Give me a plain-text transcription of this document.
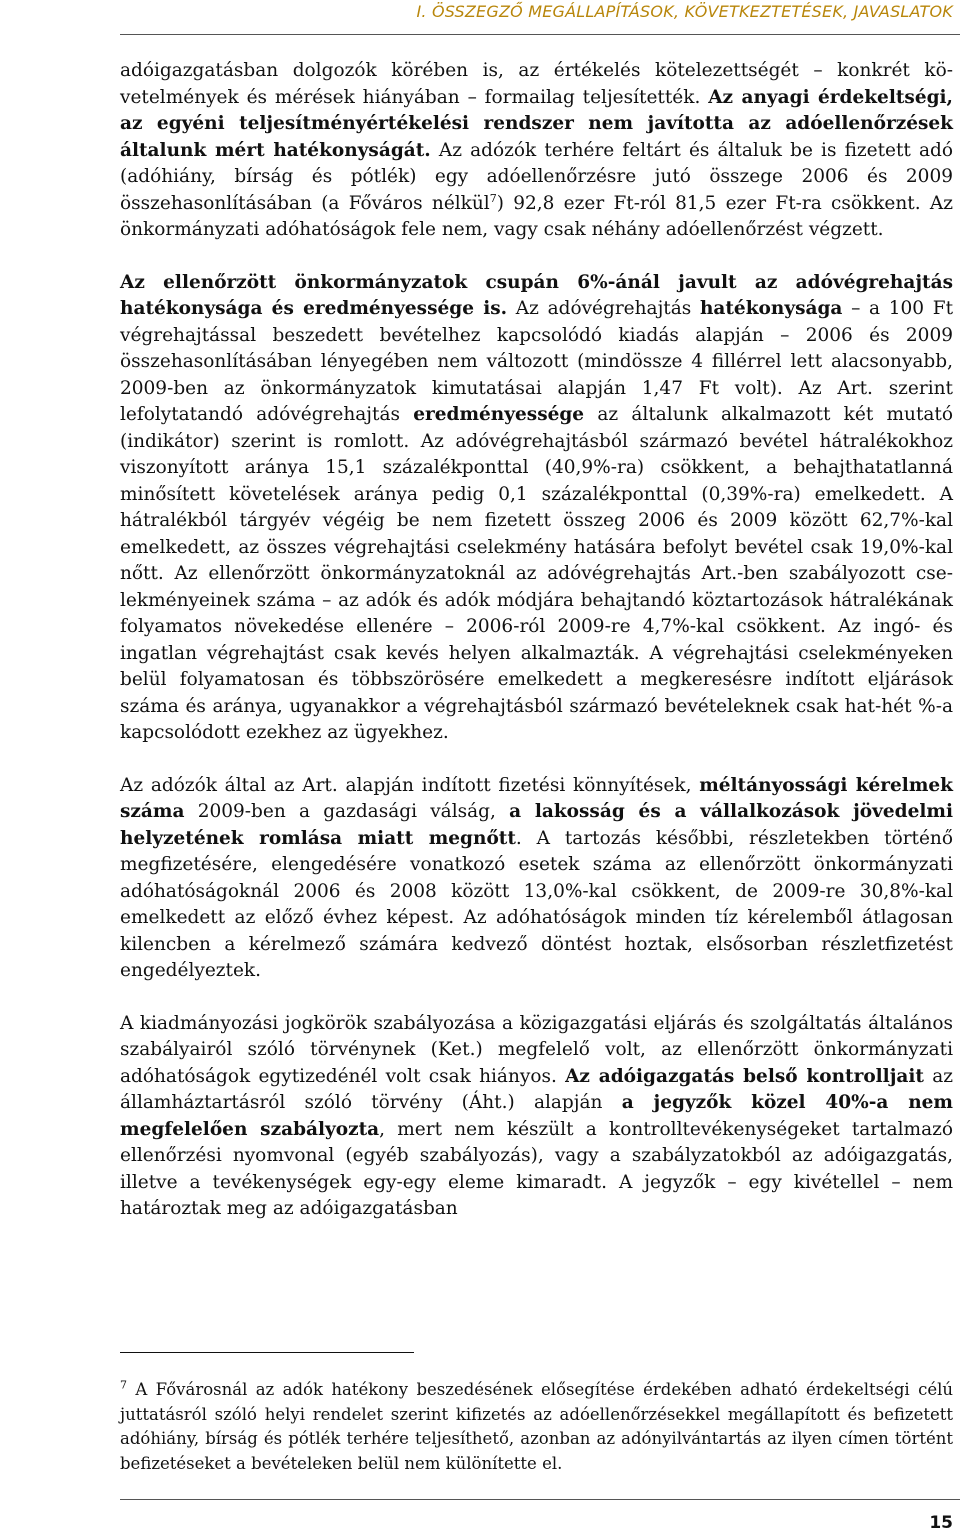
I. ÖSSZEGZŐ MEGÁLLAPÍTÁSOK, KÖVETKEZTETÉSEK, JAVASLATOK

adóigazgatásban dolgozók körében is, az értékelés kötelezettségét – konkrét követelmények és mérések hiányában – formailag teljesítették. Az anyagi érdekeltségi, az egyéni teljesítményértékelési rendszer nem javította az adóellenőrzések általunk mért hatékonyságát. Az adózók terhére feltárt és általuk be is fizetett adó (adóhiány, bírság és pótlék) egy adóellenőrzésre jutó összege 2006 és 2009 összehasonlításában (a Főváros nélkül$^7$) 92,8 ezer Ft-ról 81,5 ezer Ft-ra csökkent. Az önkormányzati adóhatóságok fele nem, vagy csak néhány adóellenőrzést végzett.

Az ellenőrzött önkormányzatok csupán 6%-ánál javult az adóvégrehajtás hatékonysága és eredményessége is. Az adóvégrehajtás hatékonysága – a 100 Ft végrehajtással beszedett bevételhez kapcsolódó kiadás alapján – 2006 és 2009 összehasonlításában lényegében nem változott (mindössze 4 fillérrel lett alacsonyabb, 2009-ben az önkormányzatok kimutatásai alapján 1,47 Ft volt). Az Art. szerint lefolytatandó adóvégrehajtás eredményessége az általunk alkalmazott két mutató (indikátor) szerint is romlott. Az adóvégrehajtásból származó bevétel hátralékokhoz viszonyított aránya 15,1 százalékponttal (40,9%-ra) csökkent, a behajthatatlanná minősített követelések aránya pedig 0,1 százalékponttal (0,39%-ra) emelkedett. A hátralékból tárgyév végéig be nem fizetett összeg 2006 és 2009 között 62,7%-kal emelkedett, az összes végrehajtási cselekmény hatására befolyt bevétel csak 19,0%-kal nőtt. Az ellenőrzött önkormányzatoknál az adóvégrehajtás Art.-ben szabályozott cselekményeinek száma – az adók és adók módjára behajtandó köztartozások hátralékának folyamatos növekedése ellenére – 2006-ról 2009-re 4,7%-kal csökkent. Az ingó- és ingatlan végrehajtást csak kevés helyen alkalmazták. A végrehajtási cselekményeken belül folyamatosan és többszörösére emelkedett a megkeresésre indított eljárások száma és aránya, ugyanakkor a végrehajtásból származó bevételeknek csak hat-hét %-a kapcsolódott ezekhez az ügyekhez.

Az adózók által az Art. alapján indított fizetési könnyítések, méltányossági kérelmek száma 2009-ben a gazdasági válság, a lakosság és a vállalkozások jövedelmi helyzetének romlása miatt megnőtt. A tartozás későbbi, részletekben történő megfizetésére, elengedésére vonatkozó esetek száma az ellenőrzött önkormányzati adóhatóságoknál 2006 és 2008 között 13,0%-kal csökkent, de 2009-re 30,8%-kal emelkedett az előző évhez képest. Az adóhatóságok minden tíz kérelemből átlagosan kilencben a kérelmező számára kedvező döntést hoztak, elsősorban részletfizetést engedélyeztek.

A kiadmányozási jogkörök szabályozása a közigazgatási eljárás és szolgáltatás általános szabályairól szóló törvénynek (Ket.) megfelelő volt, az ellenőrzött önkormányzati adóhatóságok egytizedénél volt csak hiányos. Az adóigazgatás belső kontrolljait az államháztartásról szóló törvény (Áht.) alapján a jegyzők közel 40%-a nem megfelelően szabályozta, mert nem készült a kontrolltevékenységeket tartalmazó ellenőrzési nyomvonal (egyéb szabályozás), vagy a szabályzatokból az adóigazgatás, illetve a tevékenységek egy-egy eleme kimaradt. A jegyzők – egy kivétellel – nem határoztak meg az adóigazgatásban

$^7$ A Fővárosnál az adók hatékony beszedésének elősegítése érdekében adható érdekeltségi célú juttatásról szóló helyi rendelet szerint kifizetés az adóellenőrzésekkel megállapított és befizetett adóhiány, bírság és pótlék terhére teljesíthető, azonban az adónyilvántartás az ilyen címen történt befizetéseket a bevételeken belül nem különítette el.

15
